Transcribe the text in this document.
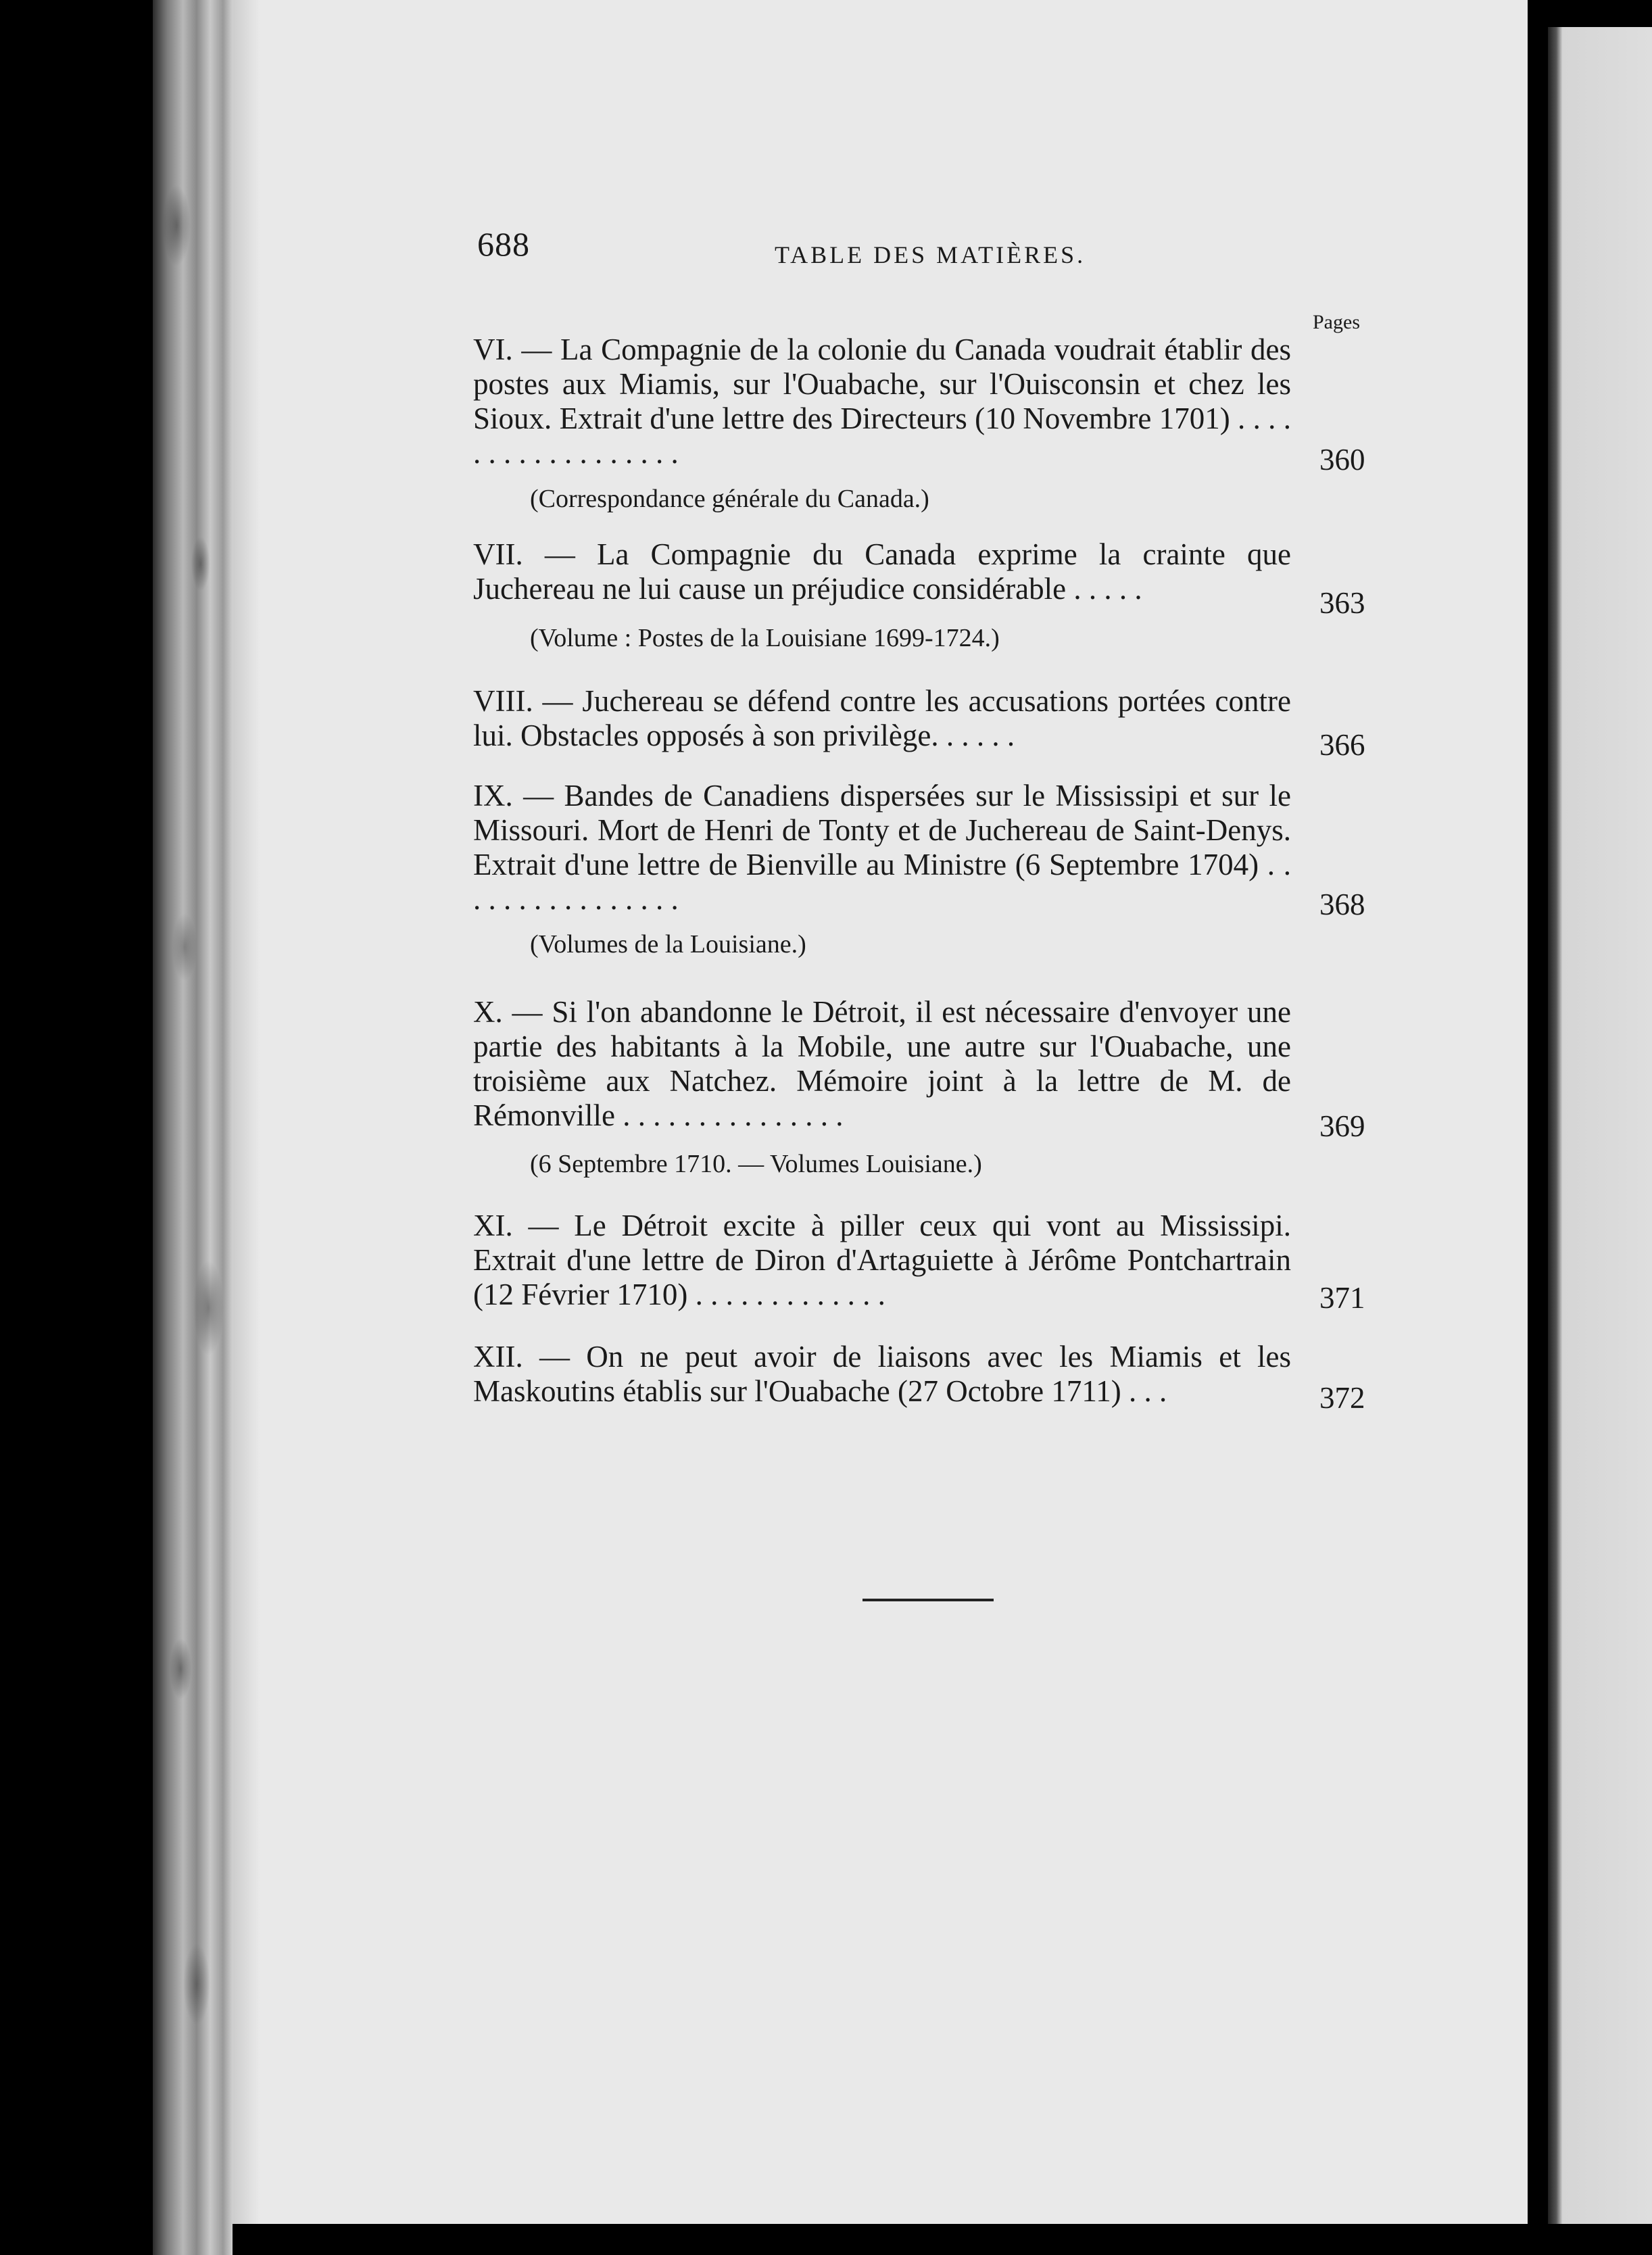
688	TABLE DES MATIÈRES.
Pages
VI. — La Compagnie de la colonie du Canada voudrait établir des postes aux Miamis, sur l'Ouabache, sur l'Ouisconsin et chez les Sioux. Extrait d'une lettre des Directeurs (10 Novembre 1701) . . . . . . . . . . . . . . . . . .	360
(Correspondance générale du Canada.)
VII. — La Compagnie du Canada exprime la crainte que Juchereau ne lui cause un préjudice considérable . . . . .	363
(Volume : Postes de la Louisiane 1699-1724.)
VIII. — Juchereau se défend contre les accusations portées contre lui. Obstacles opposés à son privilège. . . . . .	366
IX. — Bandes de Canadiens dispersées sur le Mississipi et sur le Missouri. Mort de Henri de Tonty et de Juchereau de Saint-Denys. Extrait d'une lettre de Bienville au Ministre (6 Septembre 1704) . . . . . . . . . . . . . . . .	368
(Volumes de la Louisiane.)
X. — Si l'on abandonne le Détroit, il est nécessaire d'envoyer une partie des habitants à la Mobile, une autre sur l'Ouabache, une troisième aux Natchez. Mémoire joint à la lettre de M. de Rémonville . . . . . . . . . . . . . . .	369
(6 Septembre 1710. — Volumes Louisiane.)
XI. — Le Détroit excite à piller ceux qui vont au Mississipi. Extrait d'une lettre de Diron d'Artaguiette à Jérôme Pontchartrain (12 Février 1710) . . . . . . . . . . . . .	371
XII. — On ne peut avoir de liaisons avec les Miamis et les Maskoutins établis sur l'Ouabache (27 Octobre 1711) . . .	372
